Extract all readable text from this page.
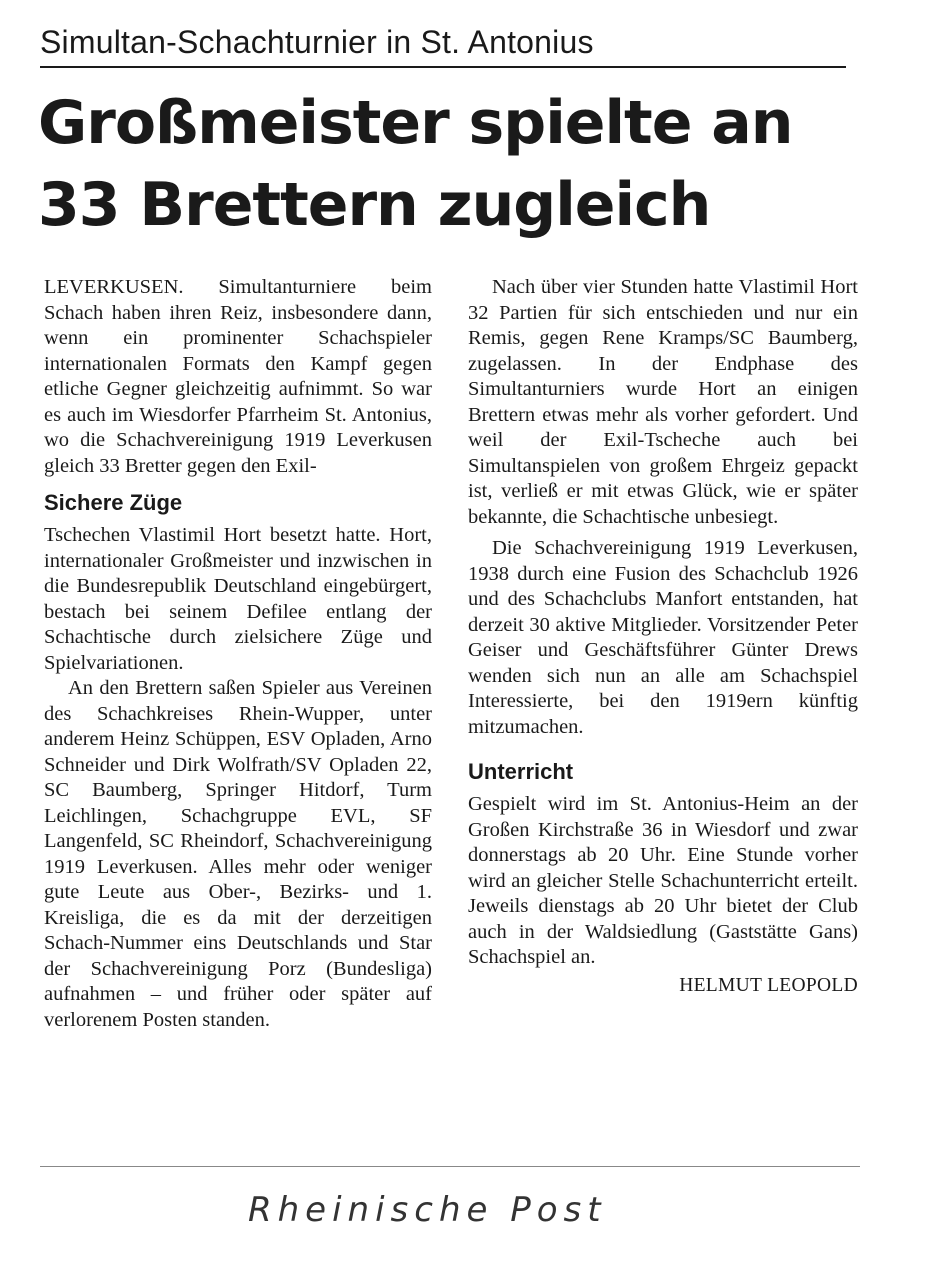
Simultan-Schachturnier in St. Antonius
Großmeister spielte an
33 Brettern zugleich

LEVERKUSEN. Simultanturniere beim Schach haben ihren Reiz, insbesondere dann, wenn ein prominenter Schachspieler internationalen Formats den Kampf gegen etliche Gegner gleichzeitig aufnimmt. So war es auch im Wiesdorfer Pfarrheim St. Antonius, wo die Schachvereinigung 1919 Leverkusen gleich 33 Bretter gegen den Exil-

Sichere Züge

Tschechen Vlastimil Hort besetzt hatte. Hort, internationaler Großmeister und inzwischen in die Bundesrepublik Deutschland eingebürgert, bestach bei seinem Defilee entlang der Schachtische durch zielsichere Züge und Spielvariationen.

An den Brettern saßen Spieler aus Vereinen des Schachkreises Rhein-Wupper, unter anderem Heinz Schüppen, ESV Opladen, Arno Schneider und Dirk Wolfrath/SV Opladen 22, SC Baumberg, Springer Hitdorf, Turm Leichlingen, Schachgruppe EVL, SF Langenfeld, SC Rheindorf, Schachvereinigung 1919 Leverkusen. Alles mehr oder weniger gute Leute aus Ober-, Bezirks- und 1. Kreisliga, die es da mit der derzeitigen Schach-Nummer eins Deutschlands und Star der Schachvereinigung Porz (Bundesliga) aufnahmen – und früher oder später auf verlorenem Posten standen.

Nach über vier Stunden hatte Vlastimil Hort 32 Partien für sich entschieden und nur ein Remis, gegen Rene Kramps/SC Baumberg, zugelassen. In der Endphase des Simultanturniers wurde Hort an einigen Brettern etwas mehr als vorher gefordert. Und weil der Exil-Tscheche auch bei Simultanspielen von großem Ehrgeiz gepackt ist, verließ er mit etwas Glück, wie er später bekannte, die Schachtische unbesiegt.

Die Schachvereinigung 1919 Leverkusen, 1938 durch eine Fusion des Schachclub 1926 und des Schachclubs Manfort entstanden, hat derzeit 30 aktive Mitglieder. Vorsitzender Peter Geiser und Geschäftsführer Günter Drews wenden sich nun an alle am Schachspiel Interessierte, bei den 1919ern künftig mitzumachen.

Unterricht

Gespielt wird im St. Antonius-Heim an der Großen Kirchstraße 36 in Wiesdorf und zwar donnerstags ab 20 Uhr. Eine Stunde vorher wird an gleicher Stelle Schachunterricht erteilt. Jeweils dienstags ab 20 Uhr bietet der Club auch in der Waldsiedlung (Gaststätte Gans) Schachspiel an.

HELMUT LEOPOLD
Rheinische Post
